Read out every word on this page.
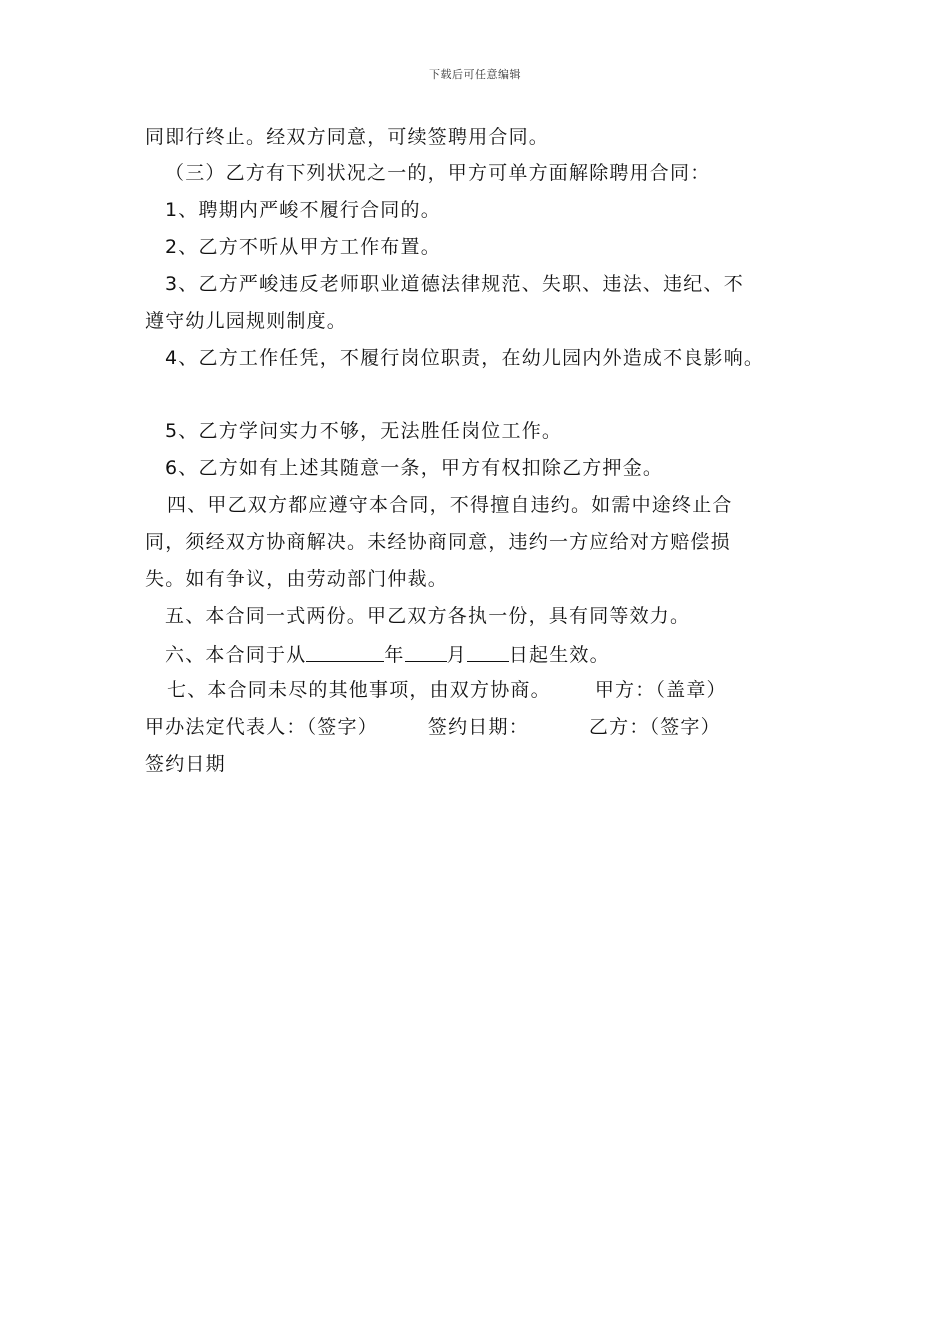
下载后可任意编辑
同即行终止。经双方同意，可续签聘用合同。
（三）乙方有下列状况之一的，甲方可单方面解除聘用合同：
1、聘期内严峻不履行合同的。
2、乙方不听从甲方工作布置。
3、乙方严峻违反老师职业道德法律规范、失职、违法、违纪、不
遵守幼儿园规则制度。
4、乙方工作任凭，不履行岗位职责，在幼儿园内外造成不良影响。
5、乙方学问实力不够，无法胜任岗位工作。
6、乙方如有上述其随意一条，甲方有权扣除乙方押金。
四、甲乙双方都应遵守本合同，不得擅自违约。如需中途终止合
同，须经双方协商解决。未经协商同意，违约一方应给对方赔偿损
失。如有争议，由劳动部门仲裁。
五、本合同一式两份。甲乙双方各执一份，具有同等效力。
六、本合同于从	年 月 日起生效。
七、本合同未尽的其他事项，由双方协商。 甲方：（盖章）
甲办法定代表人：（签字）	签约日期：	乙方：（签字）
签约日期
